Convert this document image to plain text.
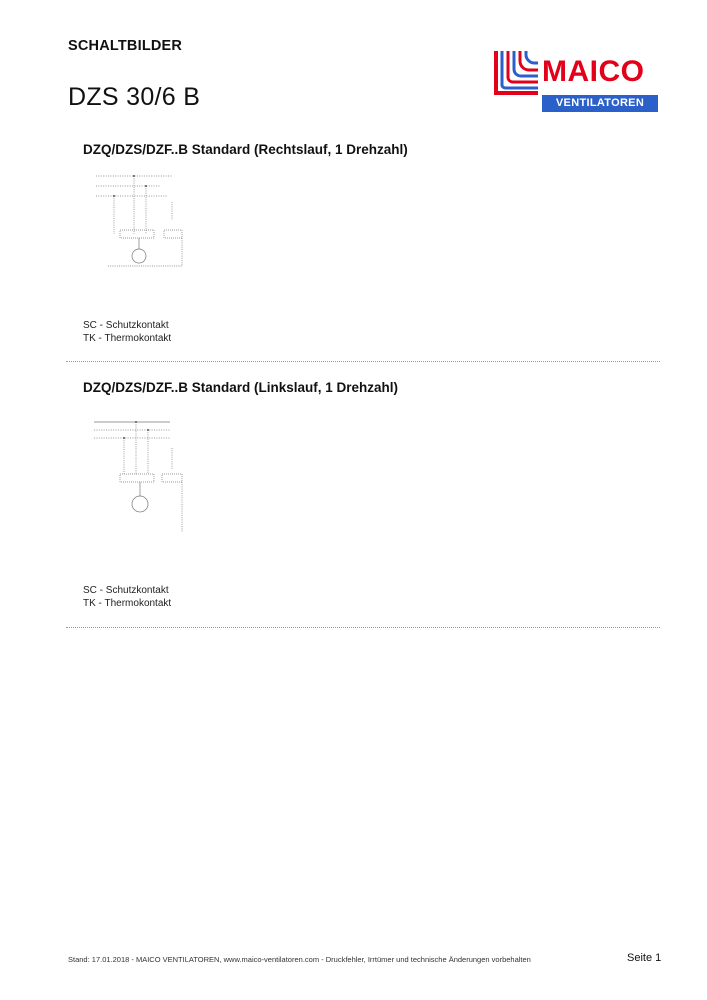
SCHALTBILDER
DZS 30/6 B
MAICO
VENTILATOREN
DZQ/DZS/DZF..B Standard (Rechtslauf, 1 Drehzahl)
SC - Schutzkontakt
TK - Thermokontakt
DZQ/DZS/DZF..B Standard (Linkslauf, 1 Drehzahl)
SC - Schutzkontakt
TK - Thermokontakt
Stand: 17.01.2018 - MAICO VENTILATOREN, www.maico-ventilatoren.com - Druckfehler, Irrtümer und technische Änderungen vorbehalten	Seite 1
